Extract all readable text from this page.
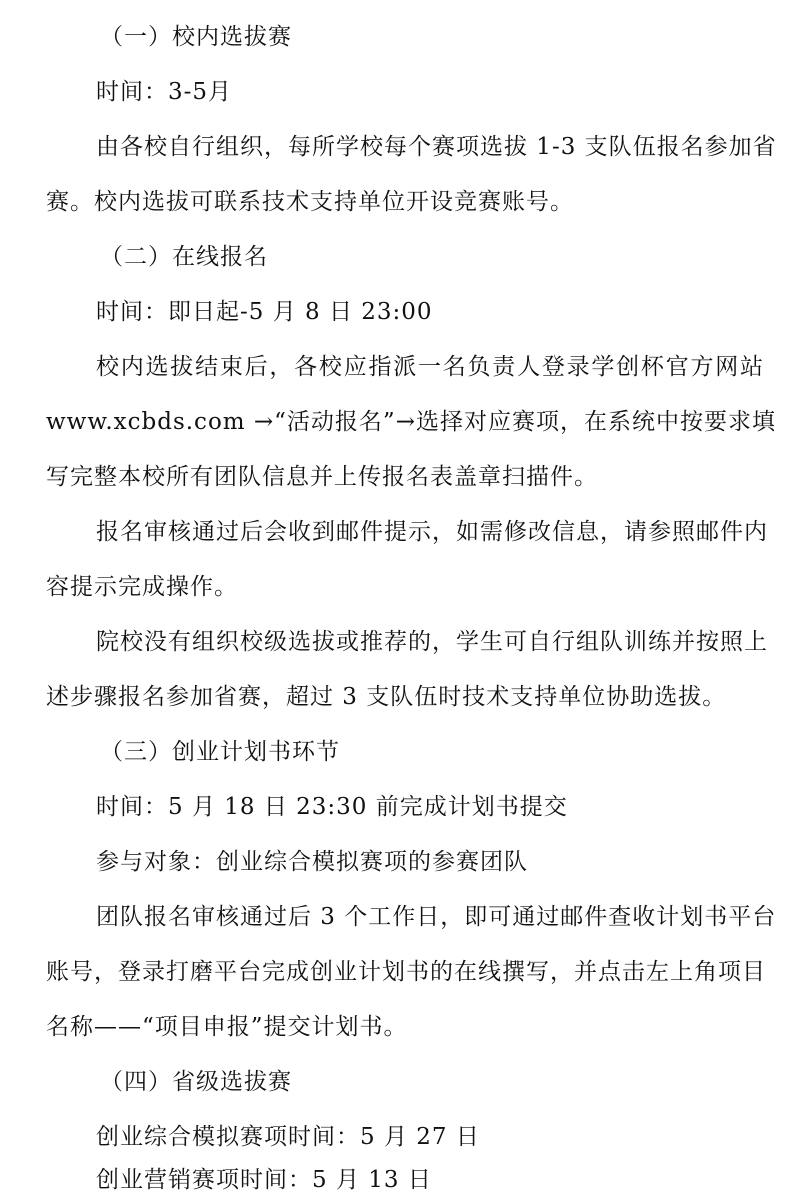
（一）校内选拔赛
时间：3-5月
由各校自行组织，每所学校每个赛项选拔 1-3 支队伍报名参加省
赛。校内选拔可联系技术支持单位开设竞赛账号。
（二）在线报名
时间：即日起-5 月 8 日 23:00
校内选拔结束后，各校应指派一名负责人登录学创杯官方网站
www.xcbds.com →“活动报名”→选择对应赛项，在系统中按要求填
写完整本校所有团队信息并上传报名表盖章扫描件。
报名审核通过后会收到邮件提示，如需修改信息，请参照邮件内
容提示完成操作。
院校没有组织校级选拔或推荐的，学生可自行组队训练并按照上
述步骤报名参加省赛，超过 3 支队伍时技术支持单位协助选拔。
（三）创业计划书环节
时间：5 月 18 日 23:30 前完成计划书提交
参与对象：创业综合模拟赛项的参赛团队
团队报名审核通过后 3 个工作日，即可通过邮件查收计划书平台
账号，登录打磨平台完成创业计划书的在线撰写，并点击左上角项目
名称——“项目申报”提交计划书。
（四）省级选拔赛
创业综合模拟赛项时间：5 月 27 日
创业营销赛项时间：5 月 13 日
